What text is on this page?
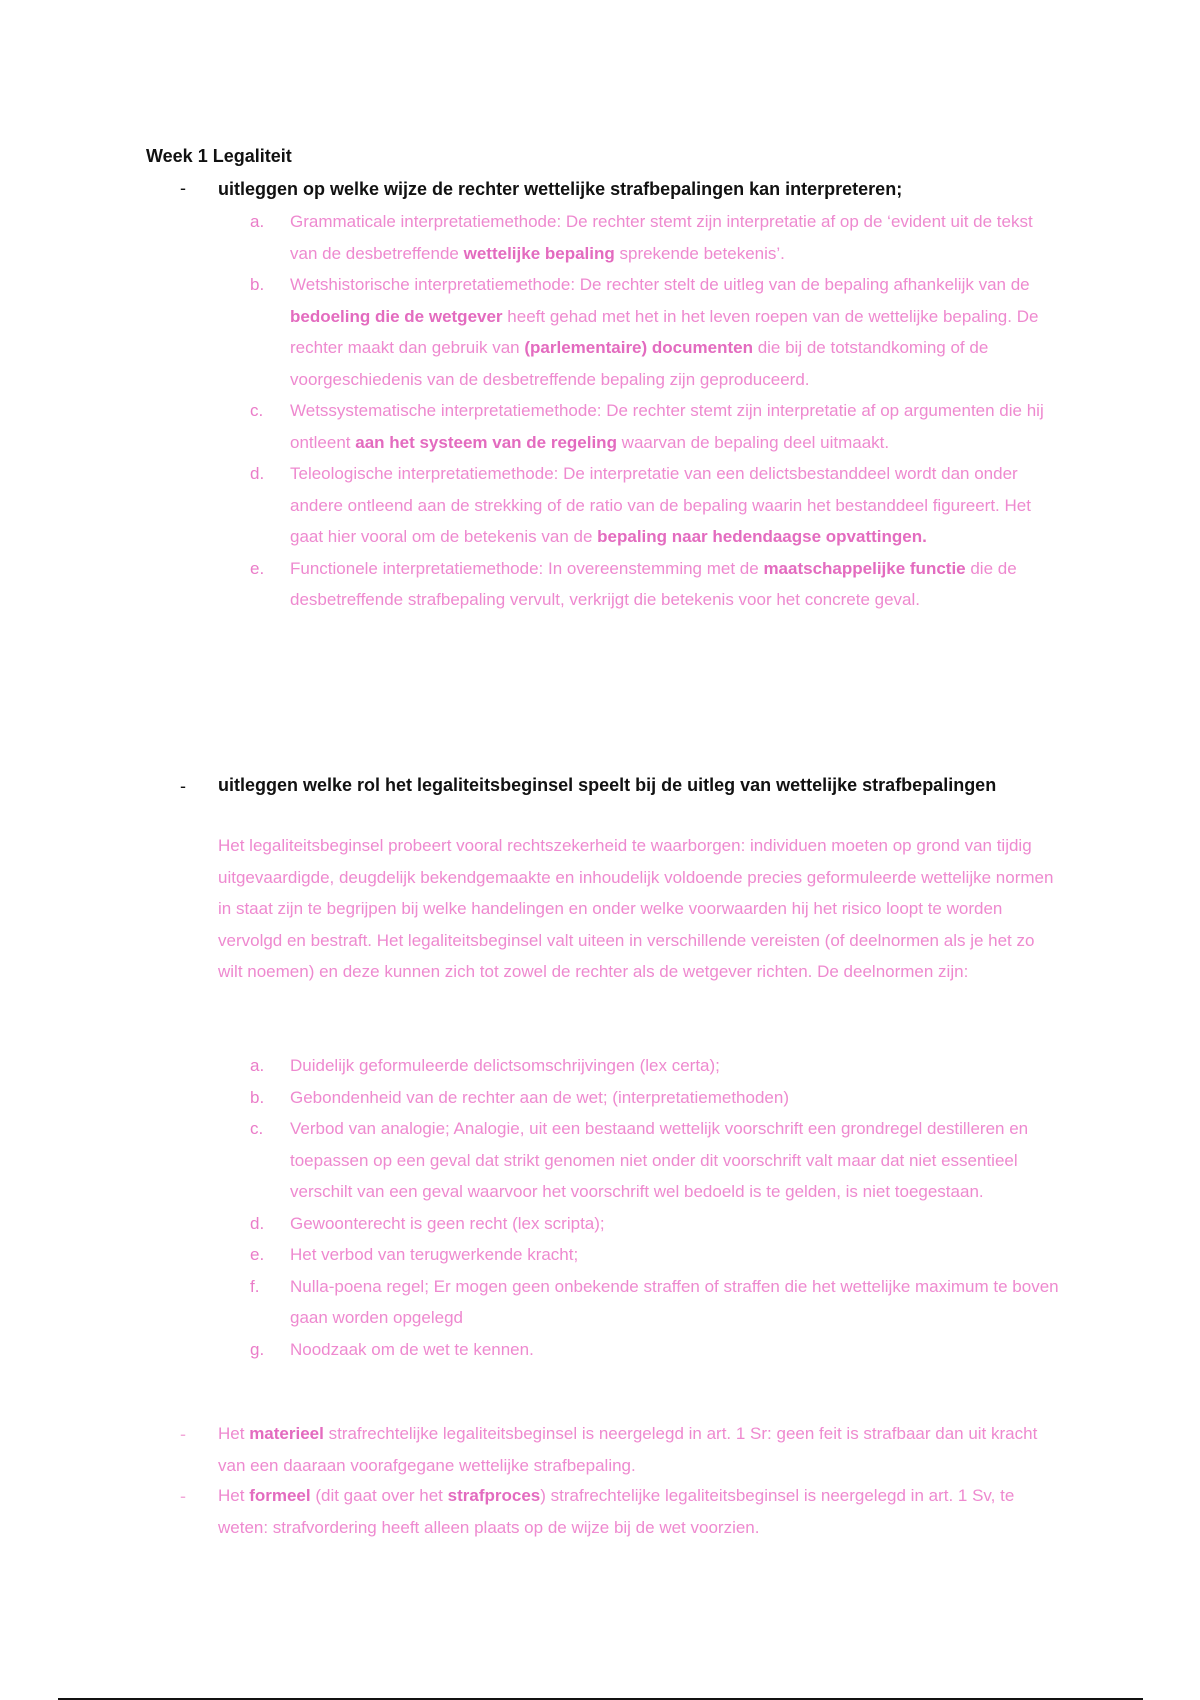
Week 1 Legaliteit
- uitleggen op welke wijze de rechter wettelijke strafbepalingen kan interpreteren;
a. Grammaticale interpretatiemethode: De rechter stemt zijn interpretatie af op de ‘evident uit de tekst van de desbetreffende wettelijke bepaling sprekende betekenis’.
b. Wetshistorische interpretatiemethode: De rechter stelt de uitleg van de bepaling afhankelijk van de bedoeling die de wetgever heeft gehad met het in het leven roepen van de wettelijke bepaling. De rechter maakt dan gebruik van (parlementaire) documenten die bij de totstandkoming of de voorgeschiedenis van de desbetreffende bepaling zijn geproduceerd.
c. Wetssystematische interpretatiemethode: De rechter stemt zijn interpretatie af op argumenten die hij ontleent aan het systeem van de regeling waarvan de bepaling deel uitmaakt.
d. Teleologische interpretatiemethode: De interpretatie van een delictsbestanddeel wordt dan onder andere ontleend aan de strekking of de ratio van de bepaling waarin het bestanddeel figureert. Het gaat hier vooral om de betekenis van de bepaling naar hedendaagse opvattingen.
e. Functionele interpretatiemethode: In overeenstemming met de maatschappelijke functie die de desbetreffende strafbepaling vervult, verkrijgt die betekenis voor het concrete geval.
- uitleggen welke rol het legaliteitsbeginsel speelt bij de uitleg van wettelijke strafbepalingen
Het legaliteitsbeginsel probeert vooral rechtszekerheid te waarborgen: individuen moeten op grond van tijdig uitgevaardigde, deugdelijk bekendgemaakte en inhoudelijk voldoende precies geformuleerde wettelijke normen in staat zijn te begrijpen bij welke handelingen en onder welke voorwaarden hij het risico loopt te worden vervolgd en bestraft. Het legaliteitsbeginsel valt uiteen in verschillende vereisten (of deelnormen als je het zo wilt noemen) en deze kunnen zich tot zowel de rechter als de wetgever richten. De deelnormen zijn:
a. Duidelijk geformuleerde delictsomschrijvingen (lex certa);
b. Gebondenheid van de rechter aan de wet; (interpretatiemethoden)
c. Verbod van analogie; Analogie, uit een bestaand wettelijk voorschrift een grondregel destilleren en toepassen op een geval dat strikt genomen niet onder dit voorschrift valt maar dat niet essentieel verschilt van een geval waarvoor het voorschrift wel bedoeld is te gelden, is niet toegestaan.
d. Gewoonterecht is geen recht (lex scripta);
e. Het verbod van terugwerkende kracht;
f. Nulla-poena regel; Er mogen geen onbekende straffen of straffen die het wettelijke maximum te boven gaan worden opgelegd
g. Noodzaak om de wet te kennen.
- Het materieel strafrechtelijke legaliteitsbeginsel is neergelegd in art. 1 Sr: geen feit is strafbaar dan uit kracht van een daaraan voorafgegane wettelijke strafbepaling.
- Het formeel (dit gaat over het strafproces) strafrechtelijke legaliteitsbeginsel is neergelegd in art. 1 Sv, te weten: strafvordering heeft alleen plaats op de wijze bij de wet voorzien.
